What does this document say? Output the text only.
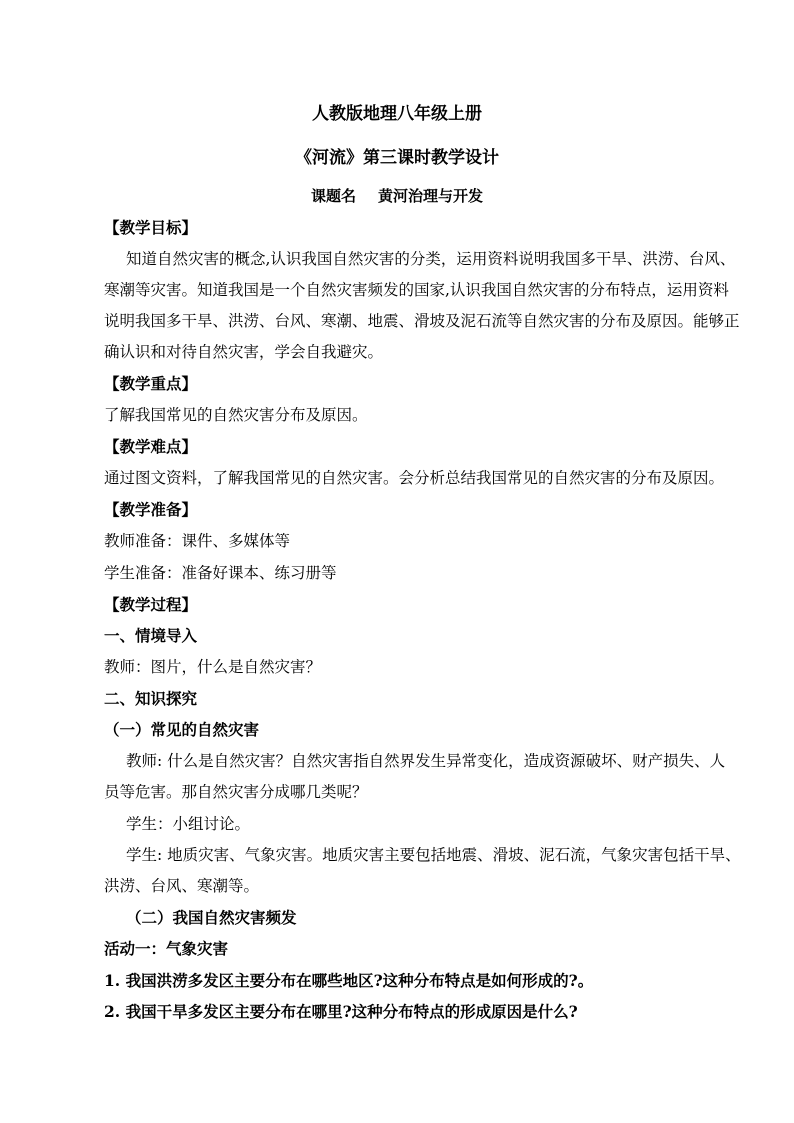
人教版地理八年级上册
《河流》第三课时教学设计
课题名 黄河治理与开发
【教学目标】
知道自然灾害的概念,认识我国自然灾害的分类，运用资料说明我国多干旱、洪涝、台风、
寒潮等灾害。知道我国是一个自然灾害频发的国家,认识我国自然灾害的分布特点，运用资料
说明我国多干旱、洪涝、台风、寒潮、地震、滑坡及泥石流等自然灾害的分布及原因。能够正
确认识和对待自然灾害，学会自我避灾。
【教学重点】
了解我国常见的自然灾害分布及原因。
【教学难点】
通过图文资料，了解我国常见的自然灾害。会分析总结我国常见的自然灾害的分布及原因。
【教学准备】
教师准备：课件、多媒体等
学生准备：准备好课本、练习册等
【教学过程】
一、情境导入
教师：图片，什么是自然灾害？
二、知识探究
（一）常见的自然灾害
教师: 什么是自然灾害？自然灾害指自然界发生异常变化，造成资源破坏、财产损失、人
员等危害。那自然灾害分成哪几类呢？
学生：小组讨论。
学生: 地质灾害、气象灾害。地质灾害主要包括地震、滑坡、泥石流，气象灾害包括干旱、
洪涝、台风、寒潮等。
（二）我国自然灾害频发
活动一：气象灾害
1. 我国洪涝多发区主要分布在哪些地区?这种分布特点是如何形成的?。
2. 我国干旱多发区主要分布在哪里?这种分布特点的形成原因是什么?
